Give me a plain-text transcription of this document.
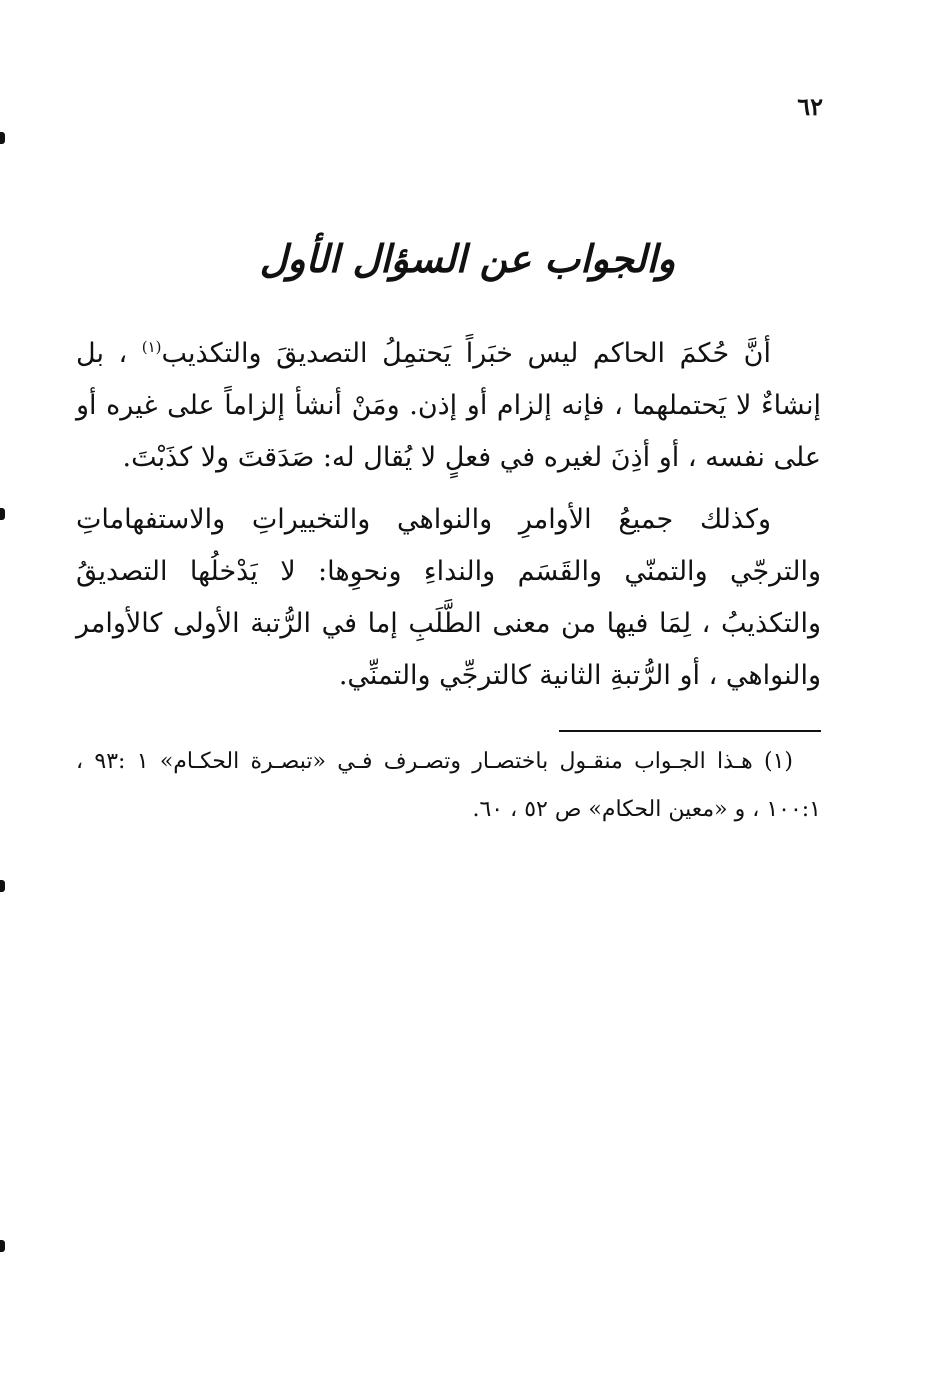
٦٢
والجواب عن السؤال الأول

أنَّ حُكمَ الحاكم ليس خبَراً يَحتمِلُ التصديقَ والتكذيب$^{(١)}$ ، بل إنشاءٌ لا يَحتملهما ، فإنه إلزام أو إذن. ومَنْ أنشأ إلزاماً على غيره أو على نفسه ، أو أذِنَ لغيره في فعلٍ لا يُقال له: صَدَقتَ ولا كذَبْتَ.

وكذلك جميعُ الأوامرِ والنواهي والتخييراتِ والاستفهاماتِ والترجّي والتمنّي والقَسَم والنداءِ ونحوِها: لا يَدْخلُها التصديقُ والتكذيبُ ، لِمَا فيها من معنى الطَّلَبِ إما في الرُّتبة الأولى كالأوامر والنواهي ، أو الرُّتبةِ الثانية كالترجِّي والتمنِّي.

(١) هـذا الجـواب منقـول باختصـار وتصـرف فـي «تبصـرة الحكـام» ١ :٩٣ ، ١٠٠:١ ، و «معين الحكام» ص ٥٢ ، ٦٠.
